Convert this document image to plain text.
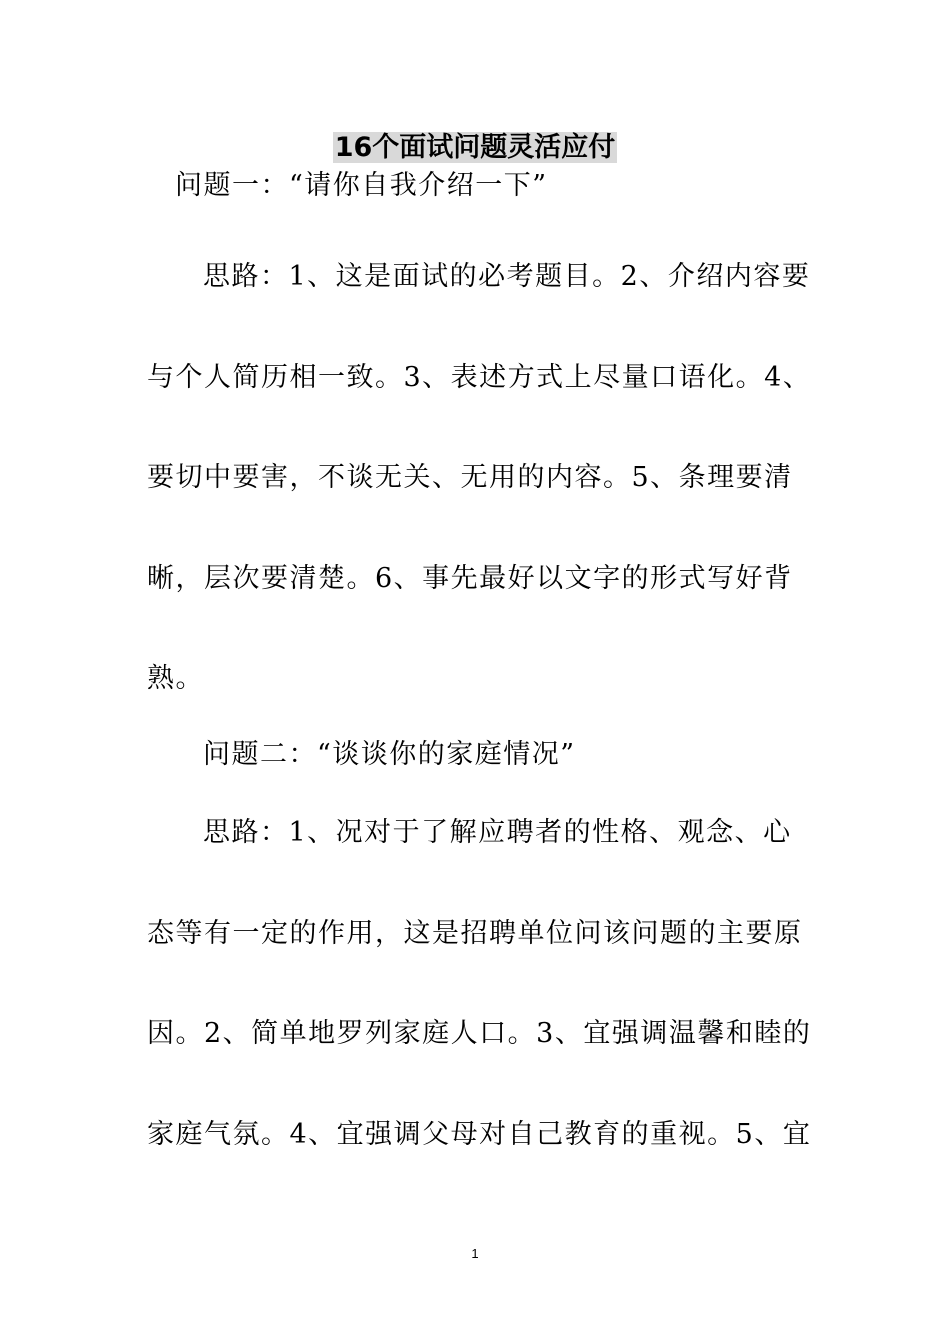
16个面试问题灵活应付
问题一：“请你自我介绍一下”
思路：1、这是面试的必考题目。2、介绍内容要
与个人简历相一致。3、表述方式上尽量口语化。4、
要切中要害，不谈无关、无用的内容。5、条理要清
晰，层次要清楚。6、事先最好以文字的形式写好背
熟。
问题二：“谈谈你的家庭情况”
思路：1、况对于了解应聘者的性格、观念、心
态等有一定的作用，这是招聘单位问该问题的主要原
因。2、简单地罗列家庭人口。3、宜强调温馨和睦的
家庭气氛。4、宜强调父母对自己教育的重视。5、宜
1
